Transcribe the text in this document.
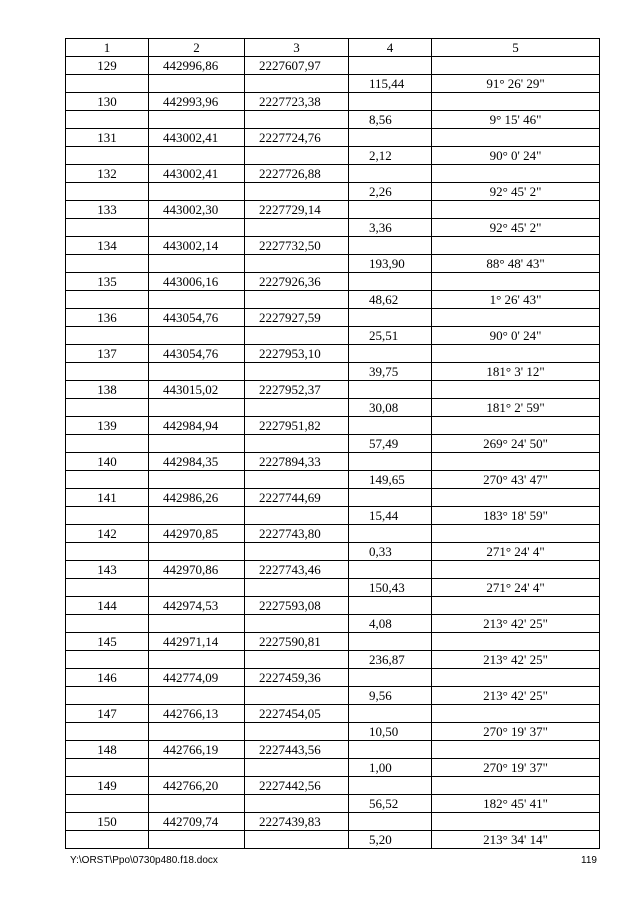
1	2	3	4	5
129	442996,86	2227607,97		
			115,44	91° 26' 29"
130	442993,96	2227723,38		
			8,56	9° 15' 46"
131	443002,41	2227724,76		
			2,12	90° 0' 24"
132	443002,41	2227726,88		
			2,26	92° 45' 2"
133	443002,30	2227729,14		
			3,36	92° 45' 2"
134	443002,14	2227732,50		
			193,90	88° 48' 43"
135	443006,16	2227926,36		
			48,62	1° 26' 43"
136	443054,76	2227927,59		
			25,51	90° 0' 24"
137	443054,76	2227953,10		
			39,75	181° 3' 12"
138	443015,02	2227952,37		
			30,08	181° 2' 59"
139	442984,94	2227951,82		
			57,49	269° 24' 50"
140	442984,35	2227894,33		
			149,65	270° 43' 47"
141	442986,26	2227744,69		
			15,44	183° 18' 59"
142	442970,85	2227743,80		
			0,33	271° 24' 4"
143	442970,86	2227743,46		
			150,43	271° 24' 4"
144	442974,53	2227593,08		
			4,08	213° 42' 25"
145	442971,14	2227590,81		
			236,87	213° 42' 25"
146	442774,09	2227459,36		
			9,56	213° 42' 25"
147	442766,13	2227454,05		
			10,50	270° 19' 37"
148	442766,19	2227443,56		
			1,00	270° 19' 37"
149	442766,20	2227442,56		
			56,52	182° 45' 41"
150	442709,74	2227439,83		
			5,20	213° 34' 14"
Y:\ORST\Ppo\0730p480.f18.docx	119
